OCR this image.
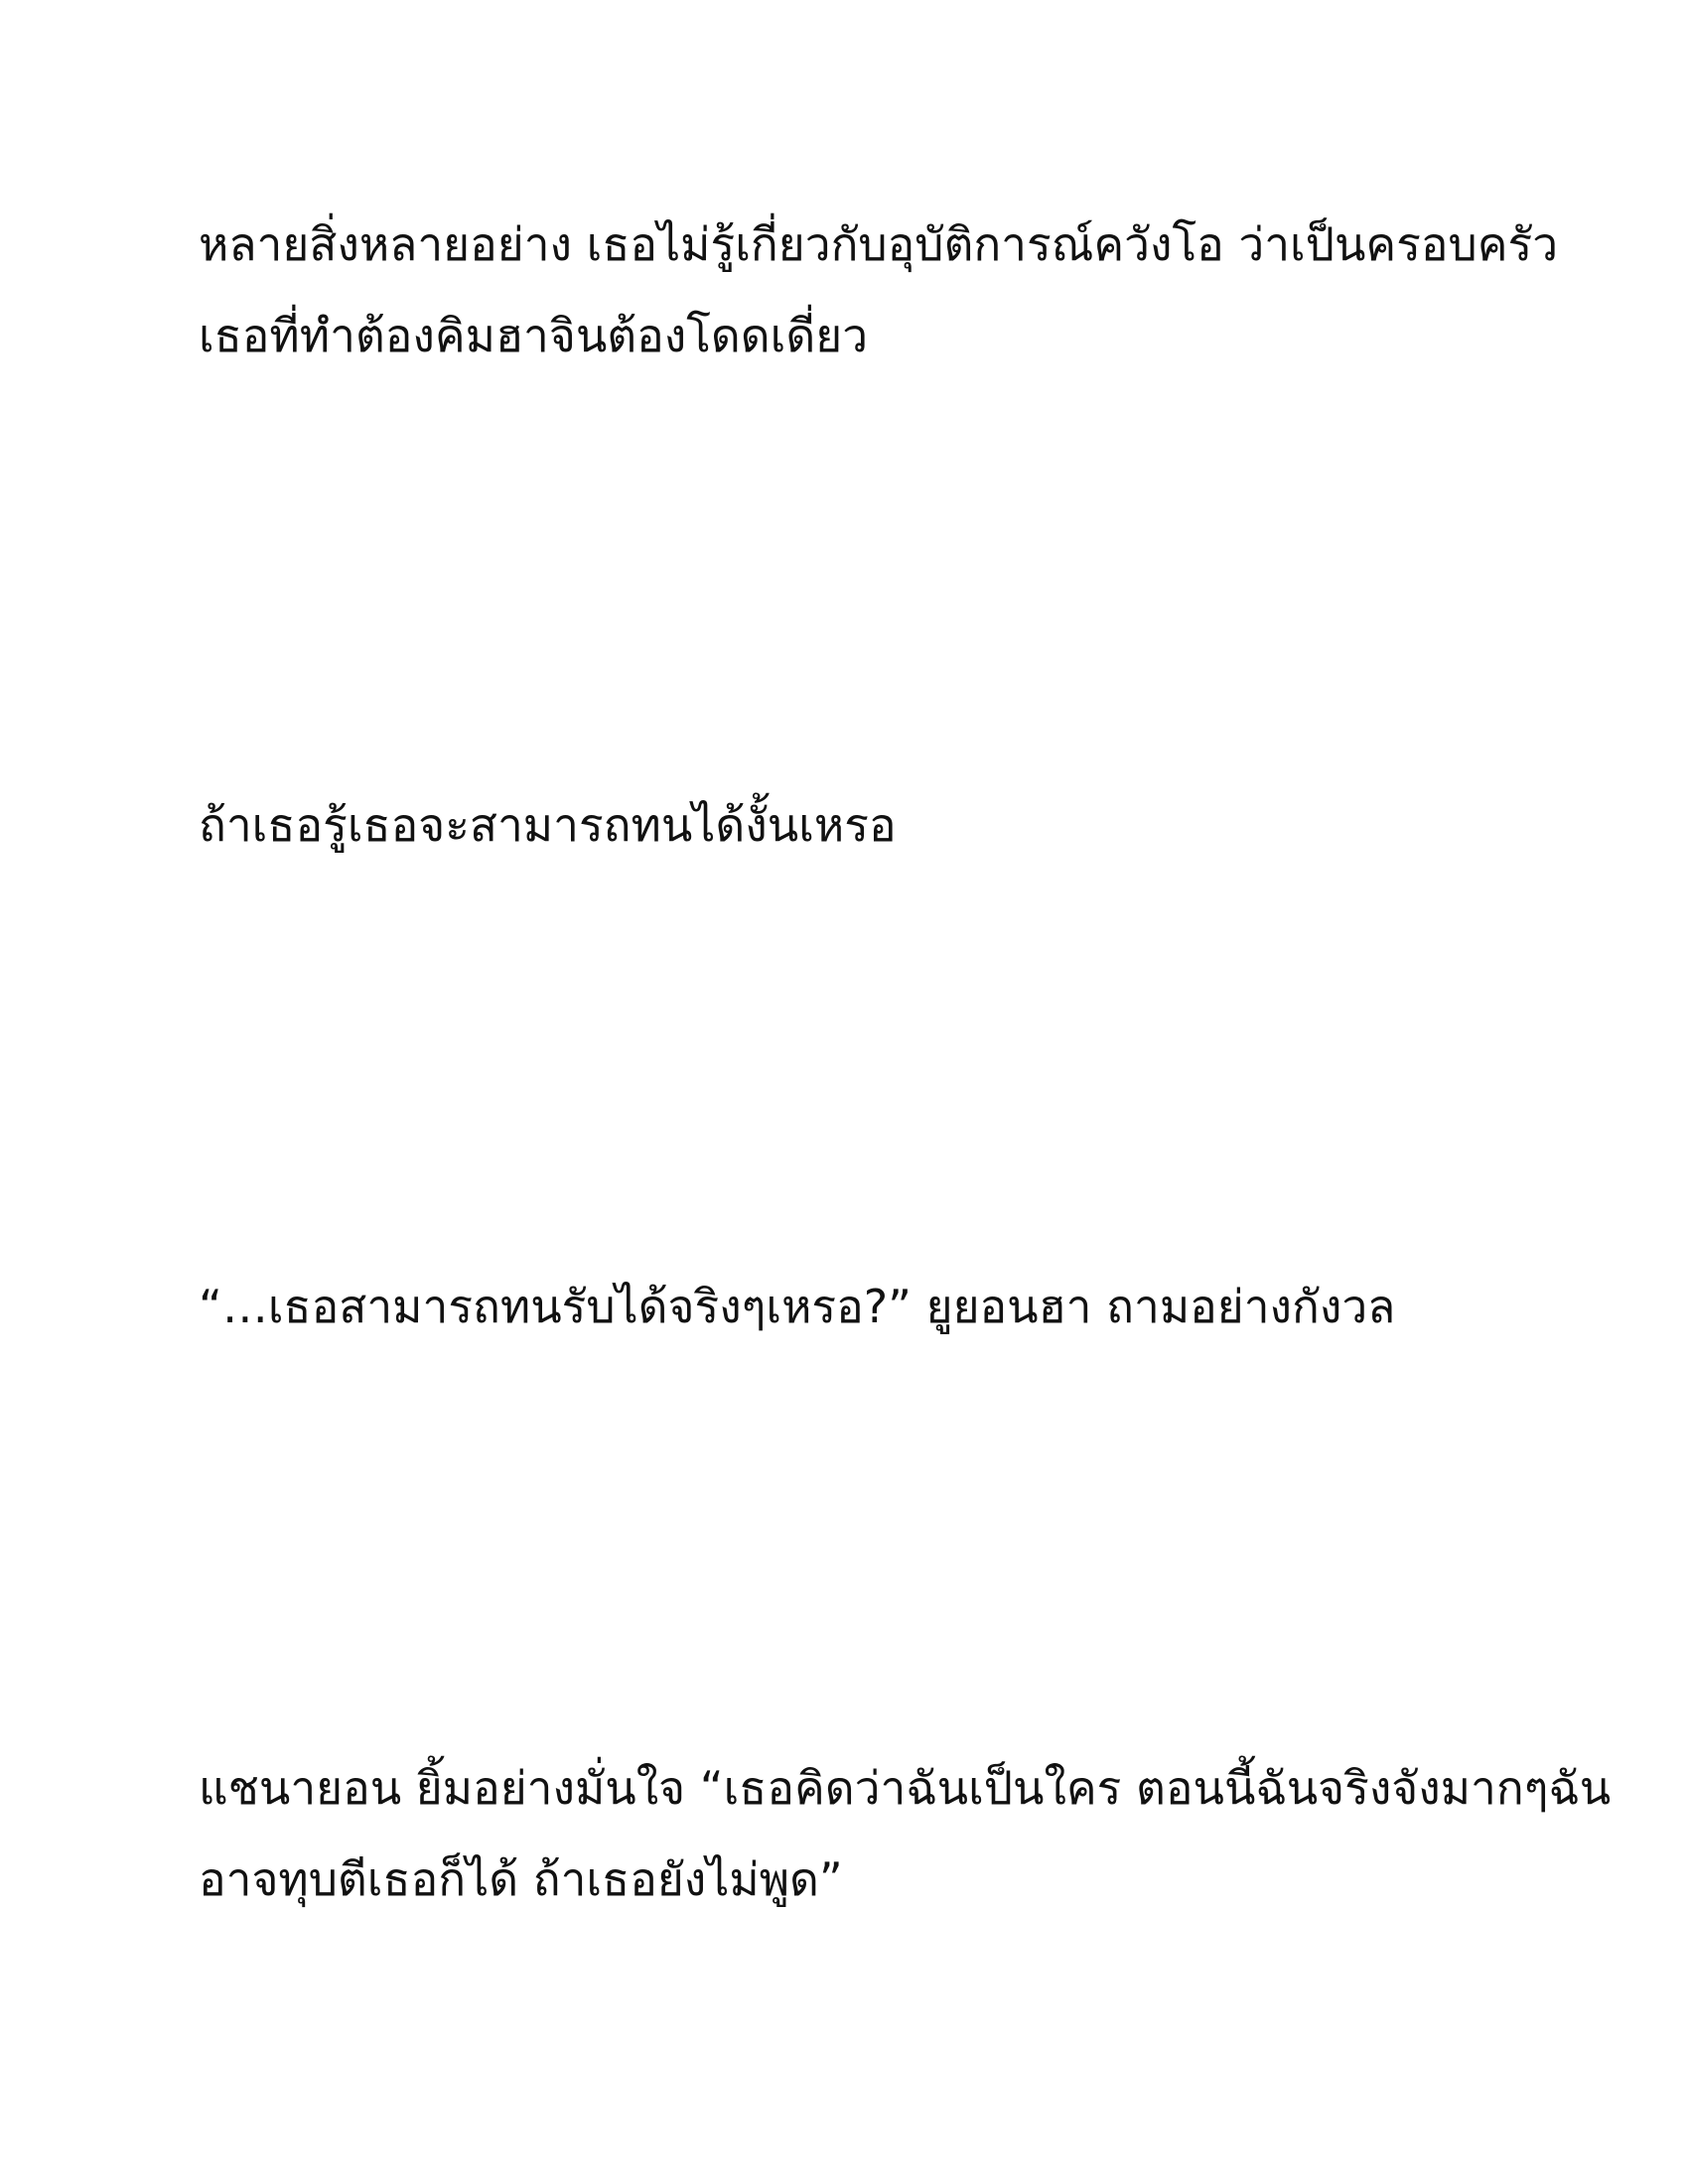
หลายสิ่งหลายอย่าง เธอไม่รู้เกี่ยวกับอุบัติการณ์ควังโอ ว่าเป็นครอบครัว
เธอที่ทำต้องคิมฮาจินต้องโดดเดี่ยว

ถ้าเธอรู้เธอจะสามารถทนได้งั้นเหรอ

“…เธอสามารถทนรับได้จริงๆเหรอ?” ยูยอนฮา ถามอย่างกังวล

แชนายอน ยิ้มอย่างมั่นใจ “เธอคิดว่าฉันเป็นใคร ตอนนี้ฉันจริงจังมากๆฉัน
อาจทุบตีเธอก็ได้ ถ้าเธอยังไม่พูด”
